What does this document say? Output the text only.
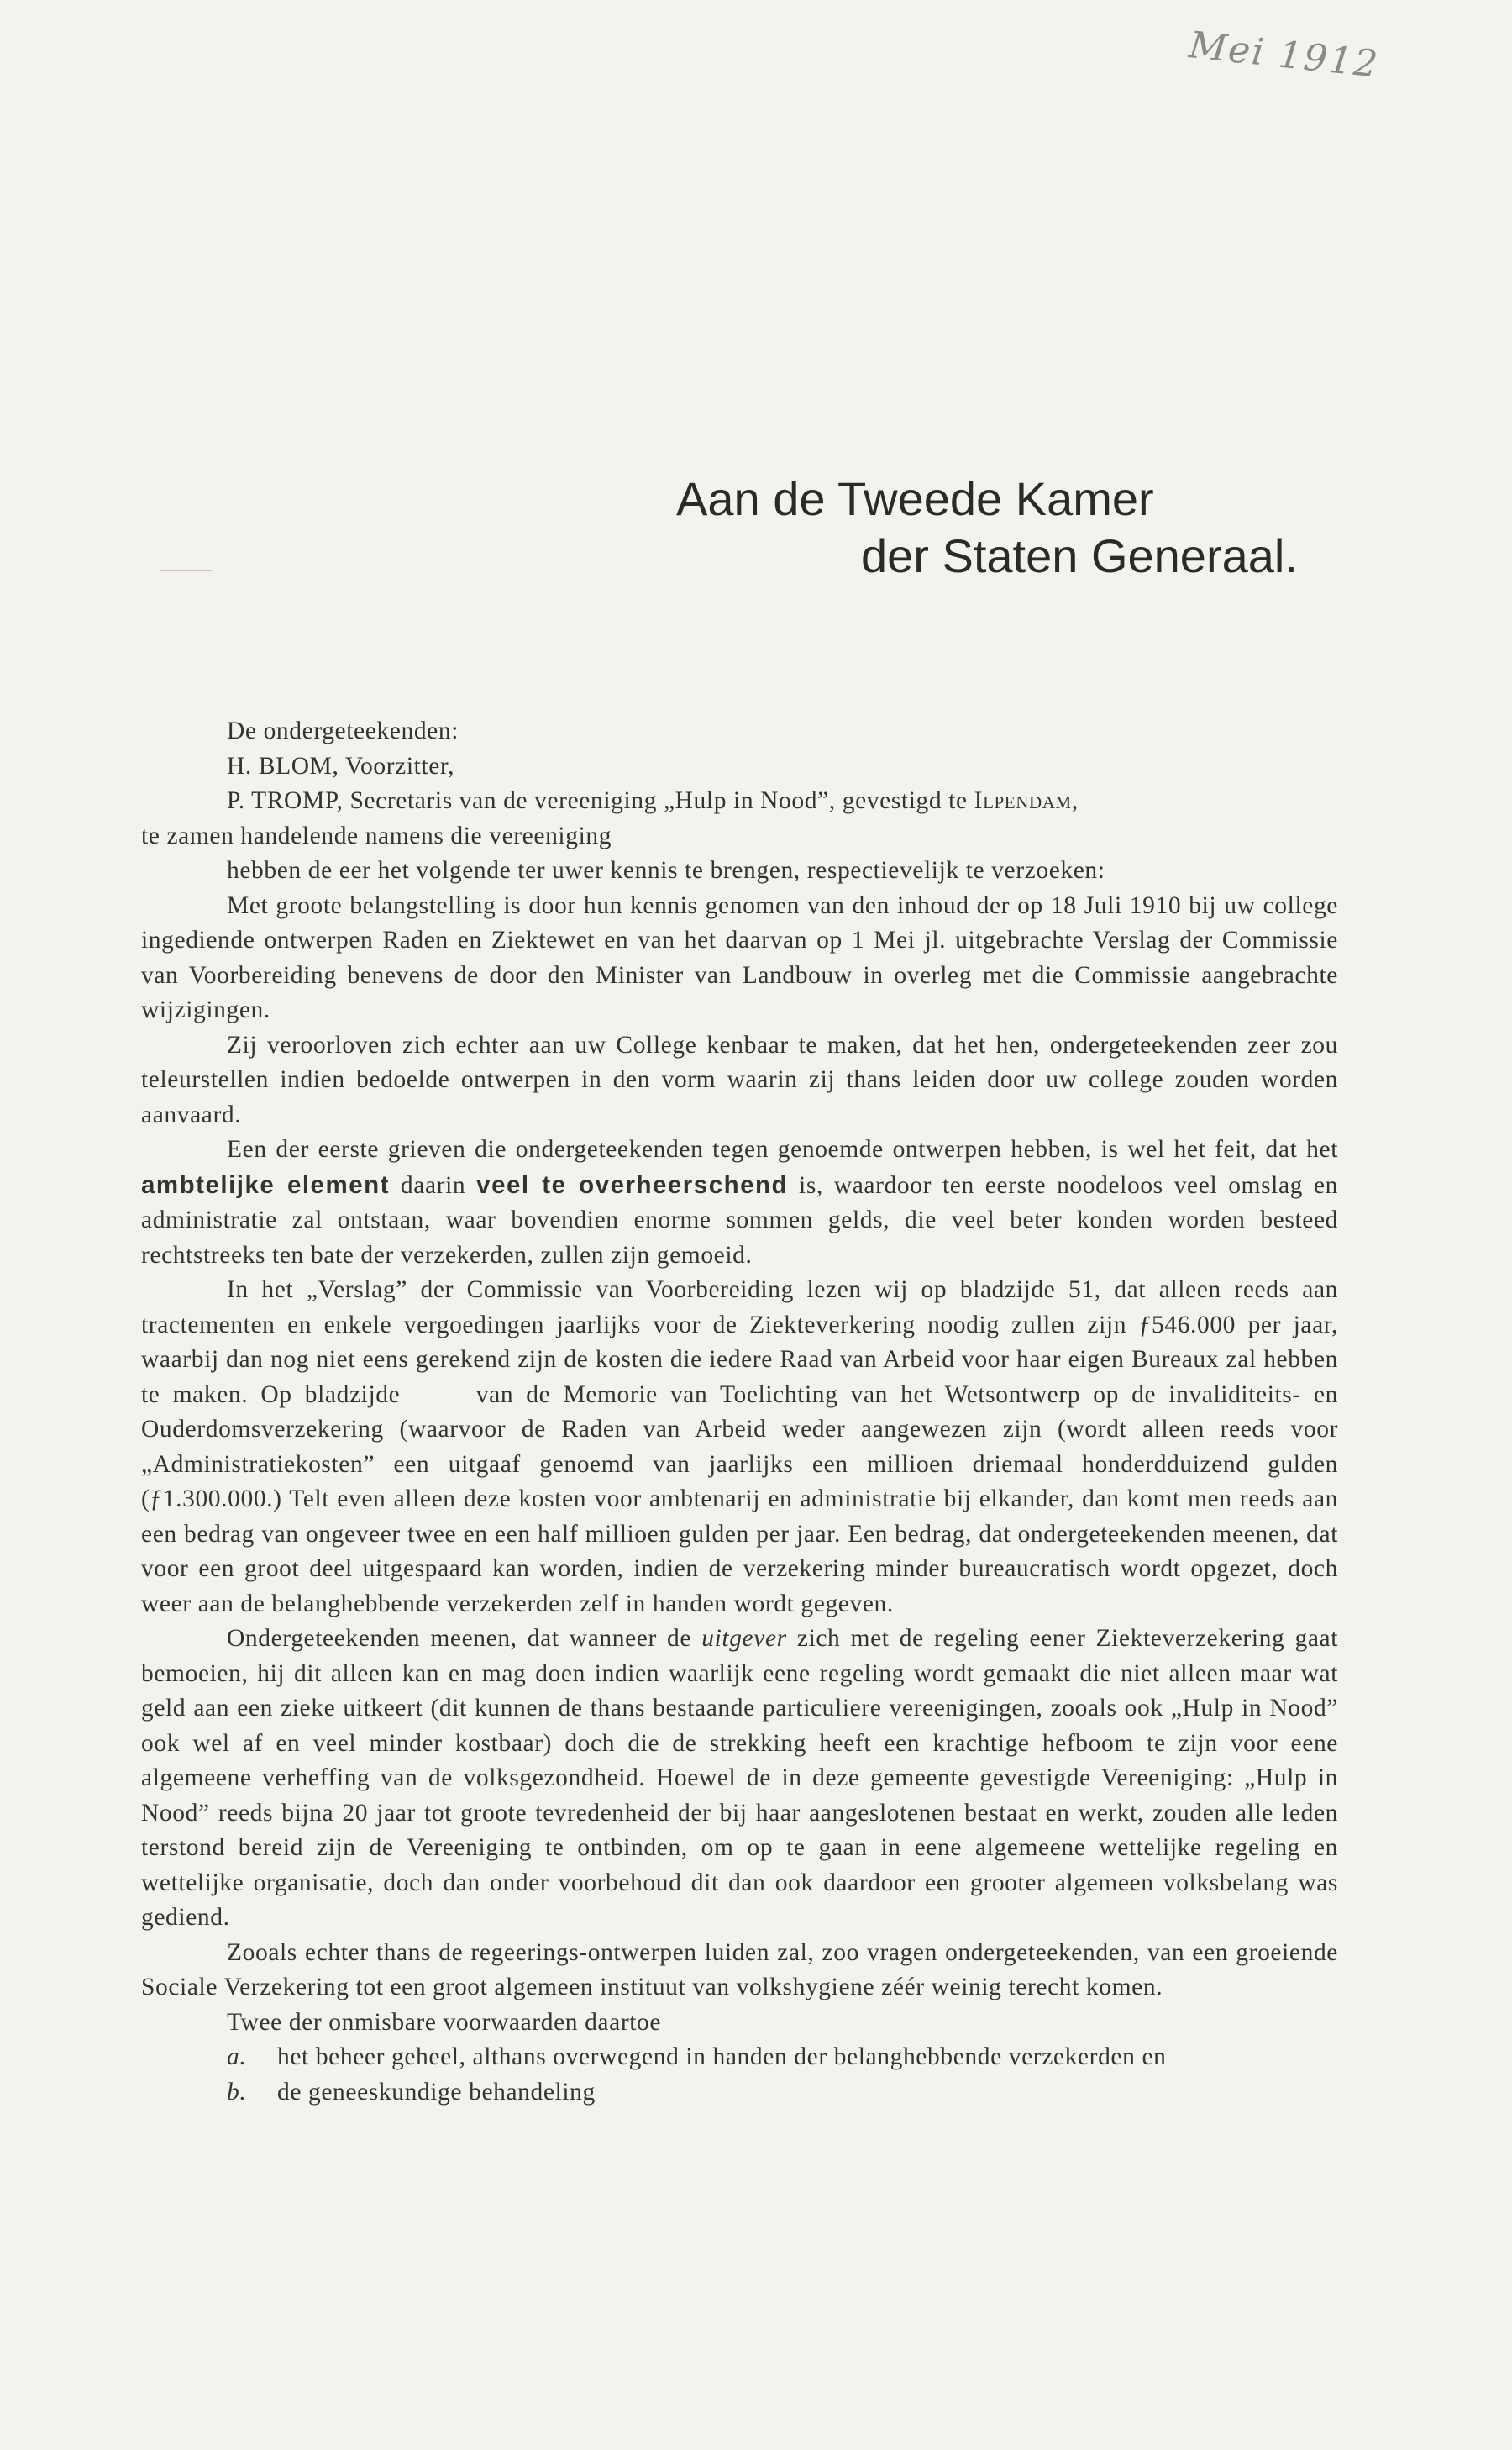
Mei 1912
Aan de Tweede Kamer
der Staten Generaal.

De ondergeteekenden:

H. BLOM, Voorzitter,

P. TROMP, Secretaris van de vereeniging „Hulp in Nood”, gevestigd te Ilpendam,

te zamen handelende namens die vereeniging

hebben de eer het volgende ter uwer kennis te brengen, respectievelijk te verzoeken:

Met groote belangstelling is door hun kennis genomen van den inhoud der op 18 Juli 1910 bij uw college ingediende ontwerpen Raden en Ziektewet en van het daarvan op 1 Mei jl. uitgebrachte Verslag der Commissie van Voorbereiding benevens de door den Minister van Landbouw in overleg met die Commissie aangebrachte wijzigingen.

Zij veroorloven zich echter aan uw College kenbaar te maken, dat het hen, ondergeteekenden zeer zou teleurstellen indien bedoelde ontwerpen in den vorm waarin zij thans leiden door uw college zouden worden aanvaard.

Een der eerste grieven die ondergeteekenden tegen genoemde ontwerpen hebben, is wel het feit, dat het ambtelijke element daarin veel te overheerschend is, waardoor ten eerste noodeloos veel omslag en administratie zal ontstaan, waar bovendien enorme sommen gelds, die veel beter konden worden besteed rechtstreeks ten bate der verzekerden, zullen zijn gemoeid.

In het „Verslag” der Commissie van Voorbereiding lezen wij op bladzijde 51, dat alleen reeds aan tractementen en enkele vergoedingen jaarlijks voor de Ziekteverkering noodig zullen zijn ƒ546.000 per jaar, waarbij dan nog niet eens gerekend zijn de kosten die iedere Raad van Arbeid voor haar eigen Bureaux zal hebben te maken. Op bladzijde    van de Memorie van Toelichting van het Wetsontwerp op de invaliditeits- en Ouderdomsverzekering (waarvoor de Raden van Arbeid weder aangewezen zijn (wordt alleen reeds voor „Administratiekosten” een uitgaaf genoemd van jaarlijks een millioen driemaal honderdduizend gulden (ƒ1.300.000.) Telt even alleen deze kosten voor ambtenarij en administratie bij elkander, dan komt men reeds aan een bedrag van ongeveer twee en een half millioen gulden per jaar. Een bedrag, dat ondergeteekenden meenen, dat voor een groot deel uitgespaard kan worden, indien de verzekering minder bureaucratisch wordt opgezet, doch weer aan de belanghebbende verzekerden zelf in handen wordt gegeven.

Ondergeteekenden meenen, dat wanneer de uitgever zich met de regeling eener Ziekteverzekering gaat bemoeien, hij dit alleen kan en mag doen indien waarlijk eene regeling wordt gemaakt die niet alleen maar wat geld aan een zieke uitkeert (dit kunnen de thans bestaande particuliere vereenigingen, zooals ook „Hulp in Nood” ook wel af en veel minder kostbaar) doch die de strekking heeft een krachtige hefboom te zijn voor eene algemeene verheffing van de volksgezondheid. Hoewel de in deze gemeente gevestigde Vereeniging: „Hulp in Nood” reeds bijna 20 jaar tot groote tevredenheid der bij haar aangeslotenen bestaat en werkt, zouden alle leden terstond bereid zijn de Vereeniging te ontbinden, om op te gaan in eene algemeene wettelijke regeling en wettelijke organisatie, doch dan onder voorbehoud dit dan ook daardoor een grooter algemeen volksbelang was gediend.

Zooals echter thans de regeerings-ontwerpen luiden zal, zoo vragen ondergeteekenden, van een groeiende Sociale Verzekering tot een groot algemeen instituut van volkshygiene zéér weinig terecht komen.

Twee der onmisbare voorwaarden daartoe

a. het beheer geheel, althans overwegend in handen der belanghebbende verzekerden en

b. de geneeskundige behandeling
